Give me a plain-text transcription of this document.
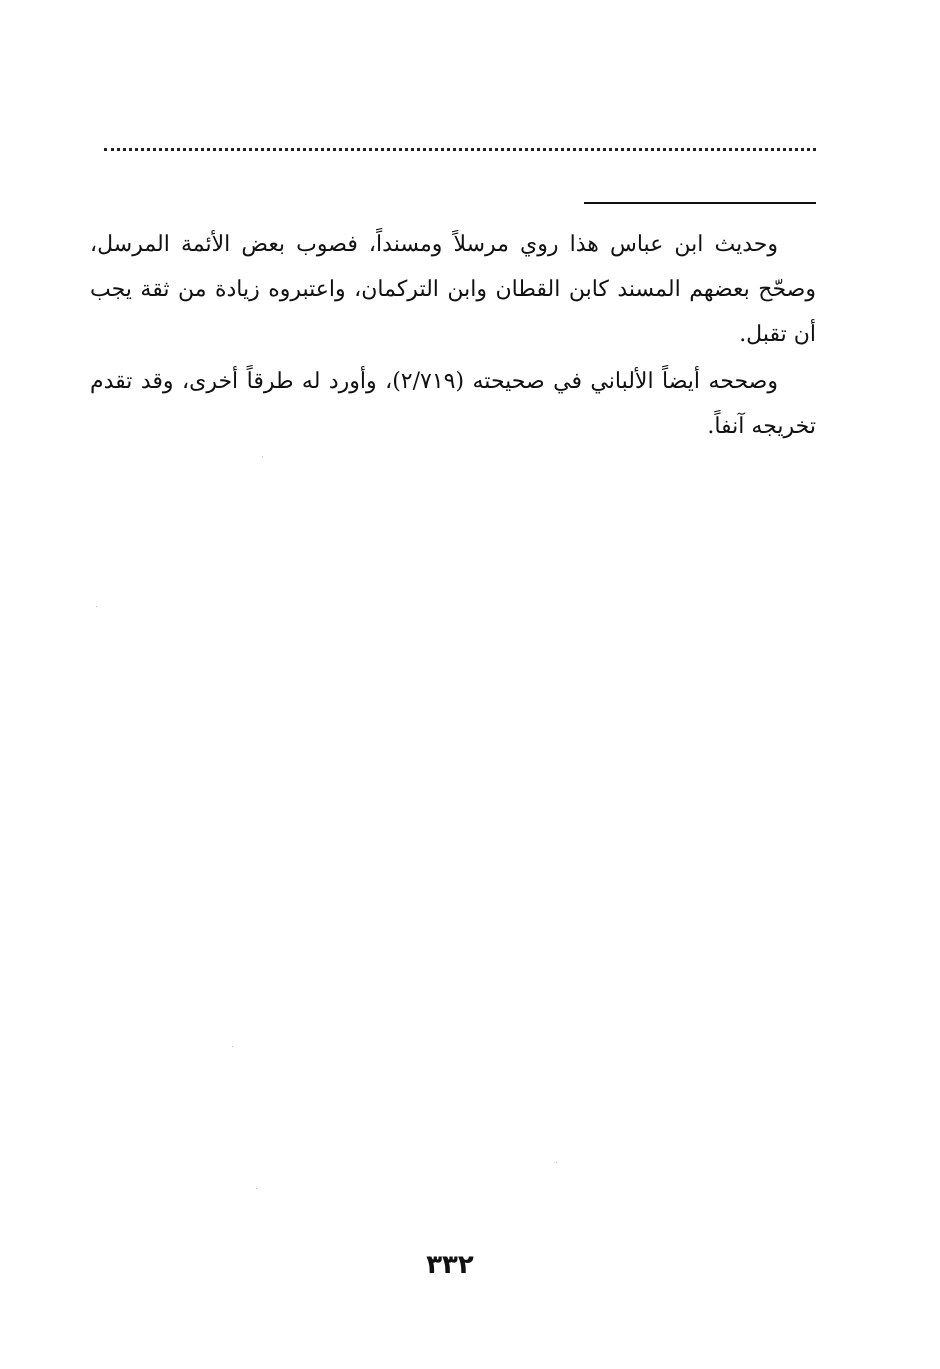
وحديث ابن عباس هذا روي مرسلاً ومسنداً، فصوب بعض الأئمة المرسل، وصحّح بعضهم المسند كابن القطان وابن التركمان، واعتبروه زيادة من ثقة يجب أن تقبل.

وصححه أيضاً الألباني في صحيحته (٢/٧١٩)، وأورد له طرقاً أخرى، وقد تقدم تخريجه آنفاً.

٣٣٢
